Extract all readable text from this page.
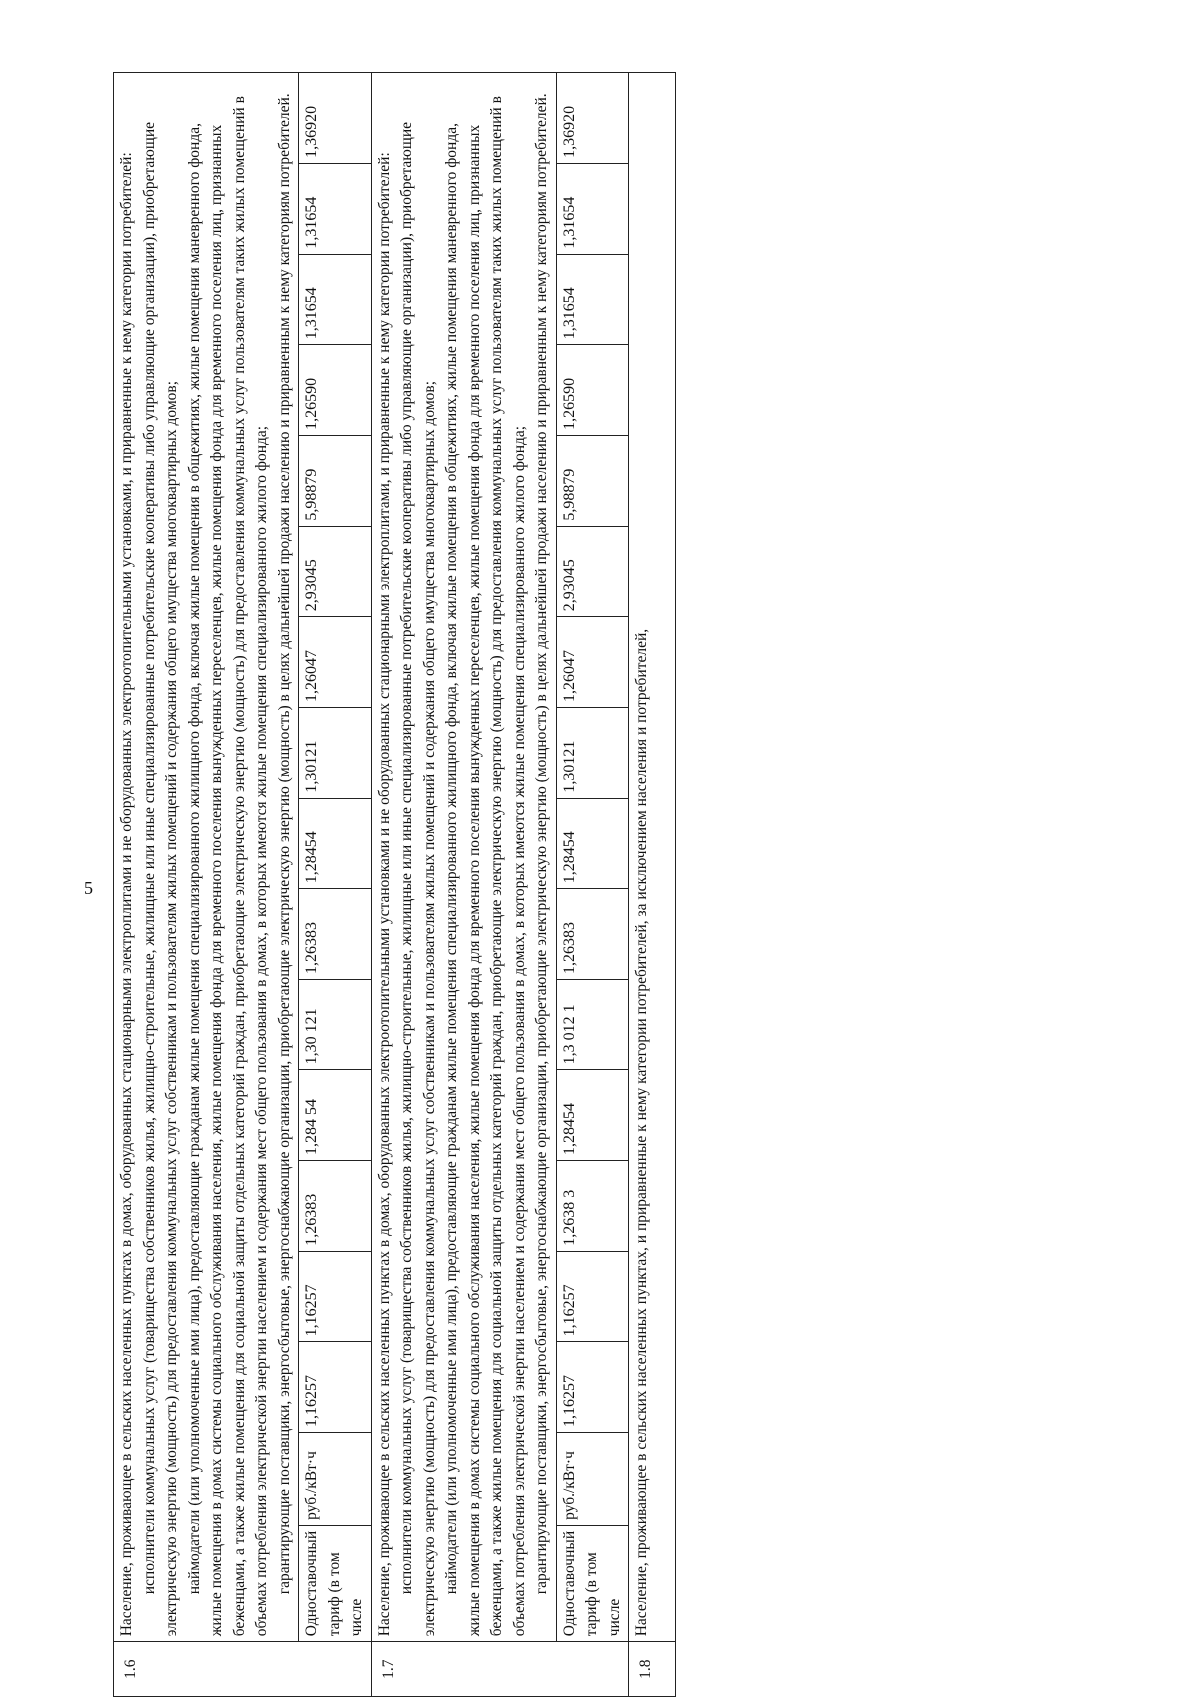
5
1.6	Население, проживающее в сельских населенных пунктах в домах, оборудованных стационарными электроплитами и не оборудованных электроотопительными установками, и приравненные к нему категории потребителей: исполнители коммунальных услуг (товарищества собственников жилья, жилищно-строительные, жилищные или иные специализированные потребительские кооперативы либо управляющие организации), приобретающие электрическую энергию (мощность) для предоставления коммунальных услуг собственникам и пользователям жилых помещений и содержания общего имущества многоквартирных домов; наймодатели (или уполномоченные ими лица), предоставляющие гражданам жилые помещения специализированного жилищного фонда, включая жилые помещения в общежитиях, жилые помещения маневренного фонда, жилые помещения в домах системы социального обслуживания населения, жилые помещения фонда для временного поселения вынужденных переселенцев, жилые помещения фонда для временного поселения лиц, признанных беженцами, а также жилые помещения для социальной защиты отдельных категорий граждан, приобретающие электрическую энергию (мощность) для предоставления коммунальных услуг пользователям таких жилых помещений в объемах потребления электрической энергии населением и содержания мест общего пользования в домах, в которых имеются жилые помещения специализированного жилого фонда; гарантирующие поставщики, энергосбытовые, энергоснабжающие организации, приобретающие электрическую энергию (мощность) в целях дальнейшей продажи населению и приравненным к нему категориям потребителей.																

	Одноставочный тариф (в том числе	руб./кВт·ч	1,16257	1,16257	1,26383	1,284 54	1,30 121	1,26383	1,28454	1,30121	1,26047	2,93045	5,98879	1,26590	1,31654	1,31654	1,36920
1.7	Население, проживающее в сельских населенных пунктах в домах, оборудованных электроотопительными установками и не оборудованных стационарными электроплитами, и приравненные к нему категории потребителей: исполнители коммунальных услуг (товарищества собственников жилья, жилищно-строительные, жилищные или иные специализированные потребительские кооперативы либо управляющие организации), приобретающие электрическую энергию (мощность) для предоставления коммунальных услуг собственникам и пользователям жилых помещений и содержания общего имущества многоквартирных домов; наймодатели (или уполномоченные ими лица), предоставляющие гражданам жилые помещения специализированного жилищного фонда, включая жилые помещения в общежитиях, жилые помещения маневренного фонда, жилые помещения в домах системы социального обслуживания населения, жилые помещения фонда для временного поселения вынужденных переселенцев, жилые помещения фонда для временного поселения лиц, признанных беженцами, а также жилые помещения для социальной защиты отдельных категорий граждан, приобретающие электрическую энергию (мощность) для предоставления коммунальных услуг пользователям таких жилых помещений в объемах потребления электрической энергии населением и содержания мест общего пользования в домах, в которых имеются жилые помещения специализированного жилого фонда; гарантирующие поставщики, энергосбытовые, энергоснабжающие организации, приобретающие электрическую энергию (мощность) в целях дальнейшей продажи населению и приравненным к нему категориям потребителей.																

	Одноставочный тариф (в том числе	руб./кВт·ч	1,16257	1,16257	1,2638 3	1,28454	1,3 012 1	1,26383	1,28454	1,30121	1,26047	2,93045	5,98879	1,26590	1,31654	1,31654	1,36920
1.8	Население, проживающее в сельских населенных пунктах, и приравненные к нему категории потребителей, за исключением населения и потребителей,																
